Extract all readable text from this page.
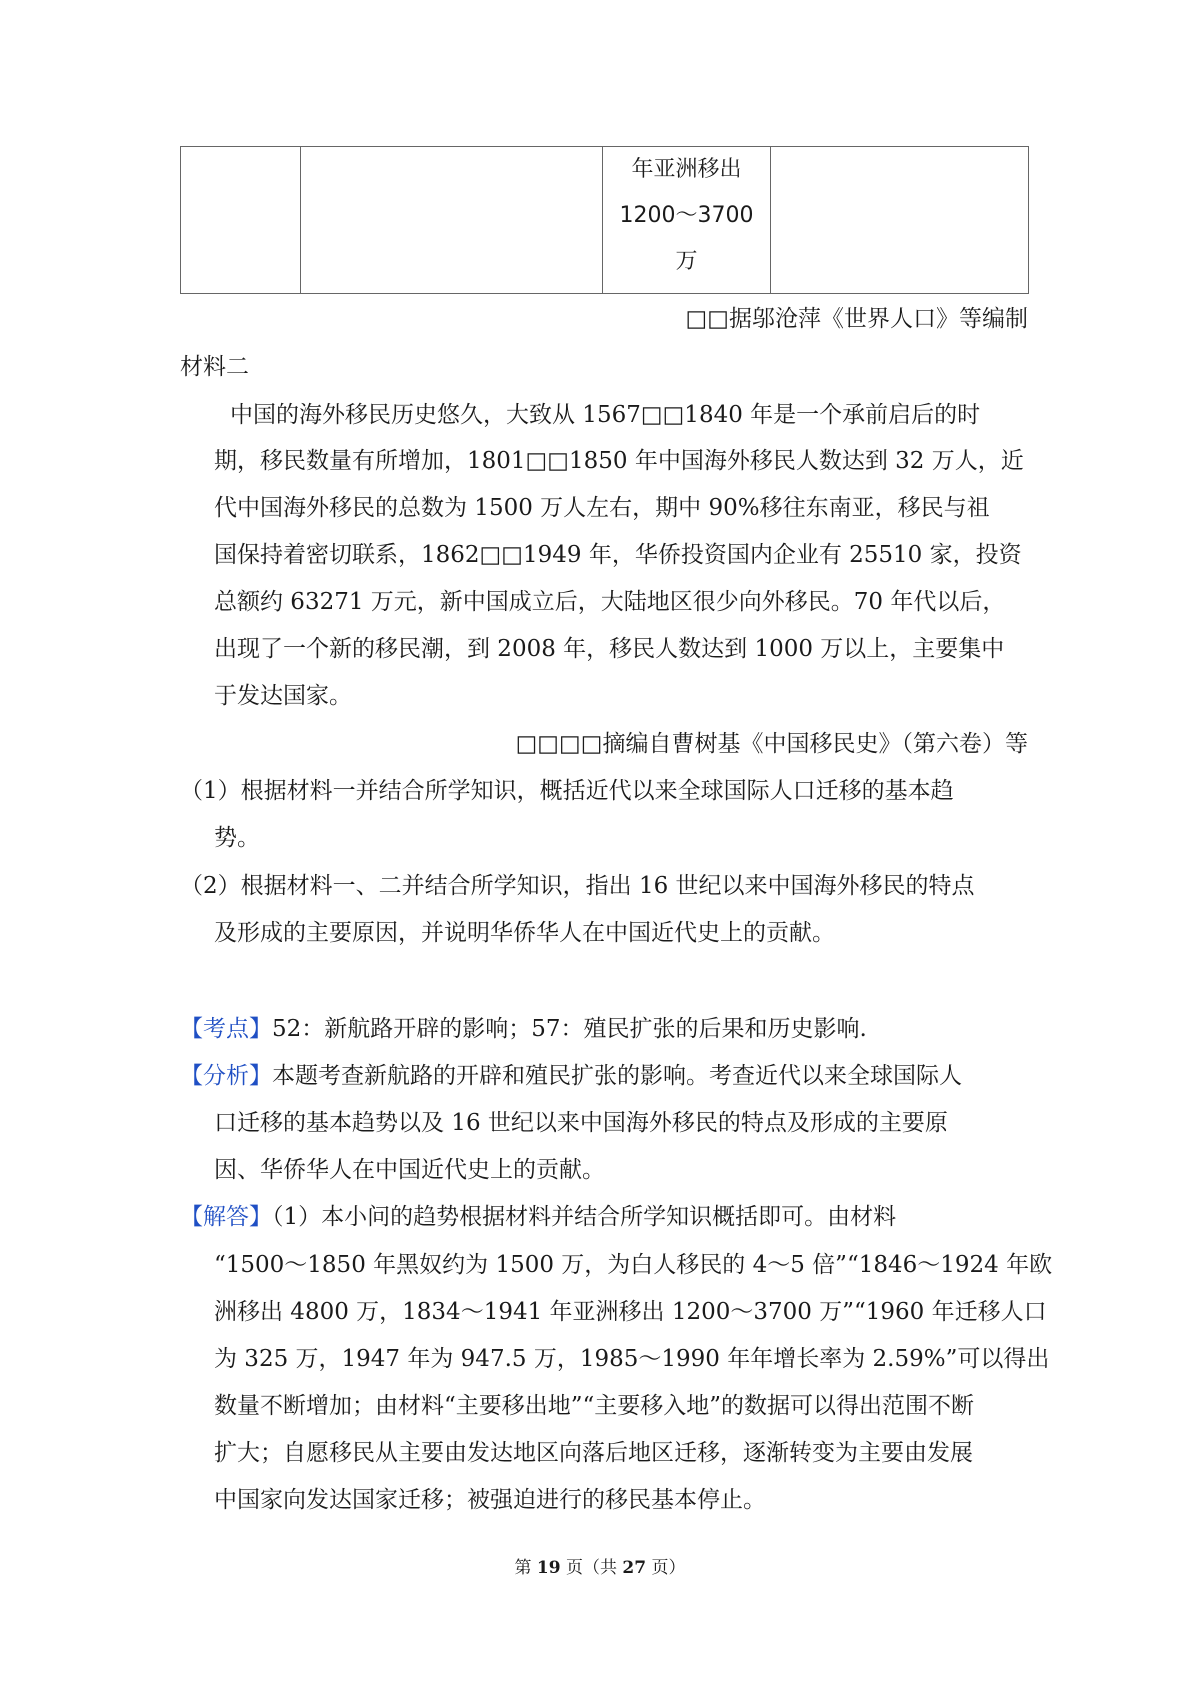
年亚洲移出
1200～3700
万

□□据邬沧萍《世界人口》等编制
材料二
中国的海外移民历史悠久，大致从 1567□□1840 年是一个承前启后的时
期，移民数量有所增加，1801□□1850 年中国海外移民人数达到 32 万人，近
代中国海外移民的总数为 1500 万人左右，期中 90%移往东南亚，移民与祖
国保持着密切联系，1862□□1949 年，华侨投资国内企业有 25510 家，投资
总额约 63271 万元，新中国成立后，大陆地区很少向外移民。70 年代以后，
出现了一个新的移民潮，到 2008 年，移民人数达到 1000 万以上，主要集中
于发达国家。
□□□□摘编自曹树基《中国移民史》（第六卷）等
（1）根据材料一并结合所学知识，概括近代以来全球国际人口迁移的基本趋
势。
（2）根据材料一、二并结合所学知识，指出 16 世纪以来中国海外移民的特点
及形成的主要原因，并说明华侨华人在中国近代史上的贡献。
【考点】52：新航路开辟的影响；57：殖民扩张的后果和历史影响.
【分析】本题考查新航路的开辟和殖民扩张的影响。考查近代以来全球国际人
口迁移的基本趋势以及 16 世纪以来中国海外移民的特点及形成的主要原
因、华侨华人在中国近代史上的贡献。
【解答】（1）本小问的趋势根据材料并结合所学知识概括即可。由材料
“1500～1850 年黑奴约为 1500 万，为白人移民的 4～5 倍”“1846～1924 年欧
洲移出 4800 万，1834～1941 年亚洲移出 1200～3700 万”“1960 年迁移人口
为 325 万，1947 年为 947.5 万，1985～1990 年年增长率为 2.59%”可以得出
数量不断增加；由材料“主要移出地”“主要移入地”的数据可以得出范围不断
扩大；自愿移民从主要由发达地区向落后地区迁移，逐渐转变为主要由发展
中国家向发达国家迁移；被强迫进行的移民基本停止。
第 19 页（共 27 页）
